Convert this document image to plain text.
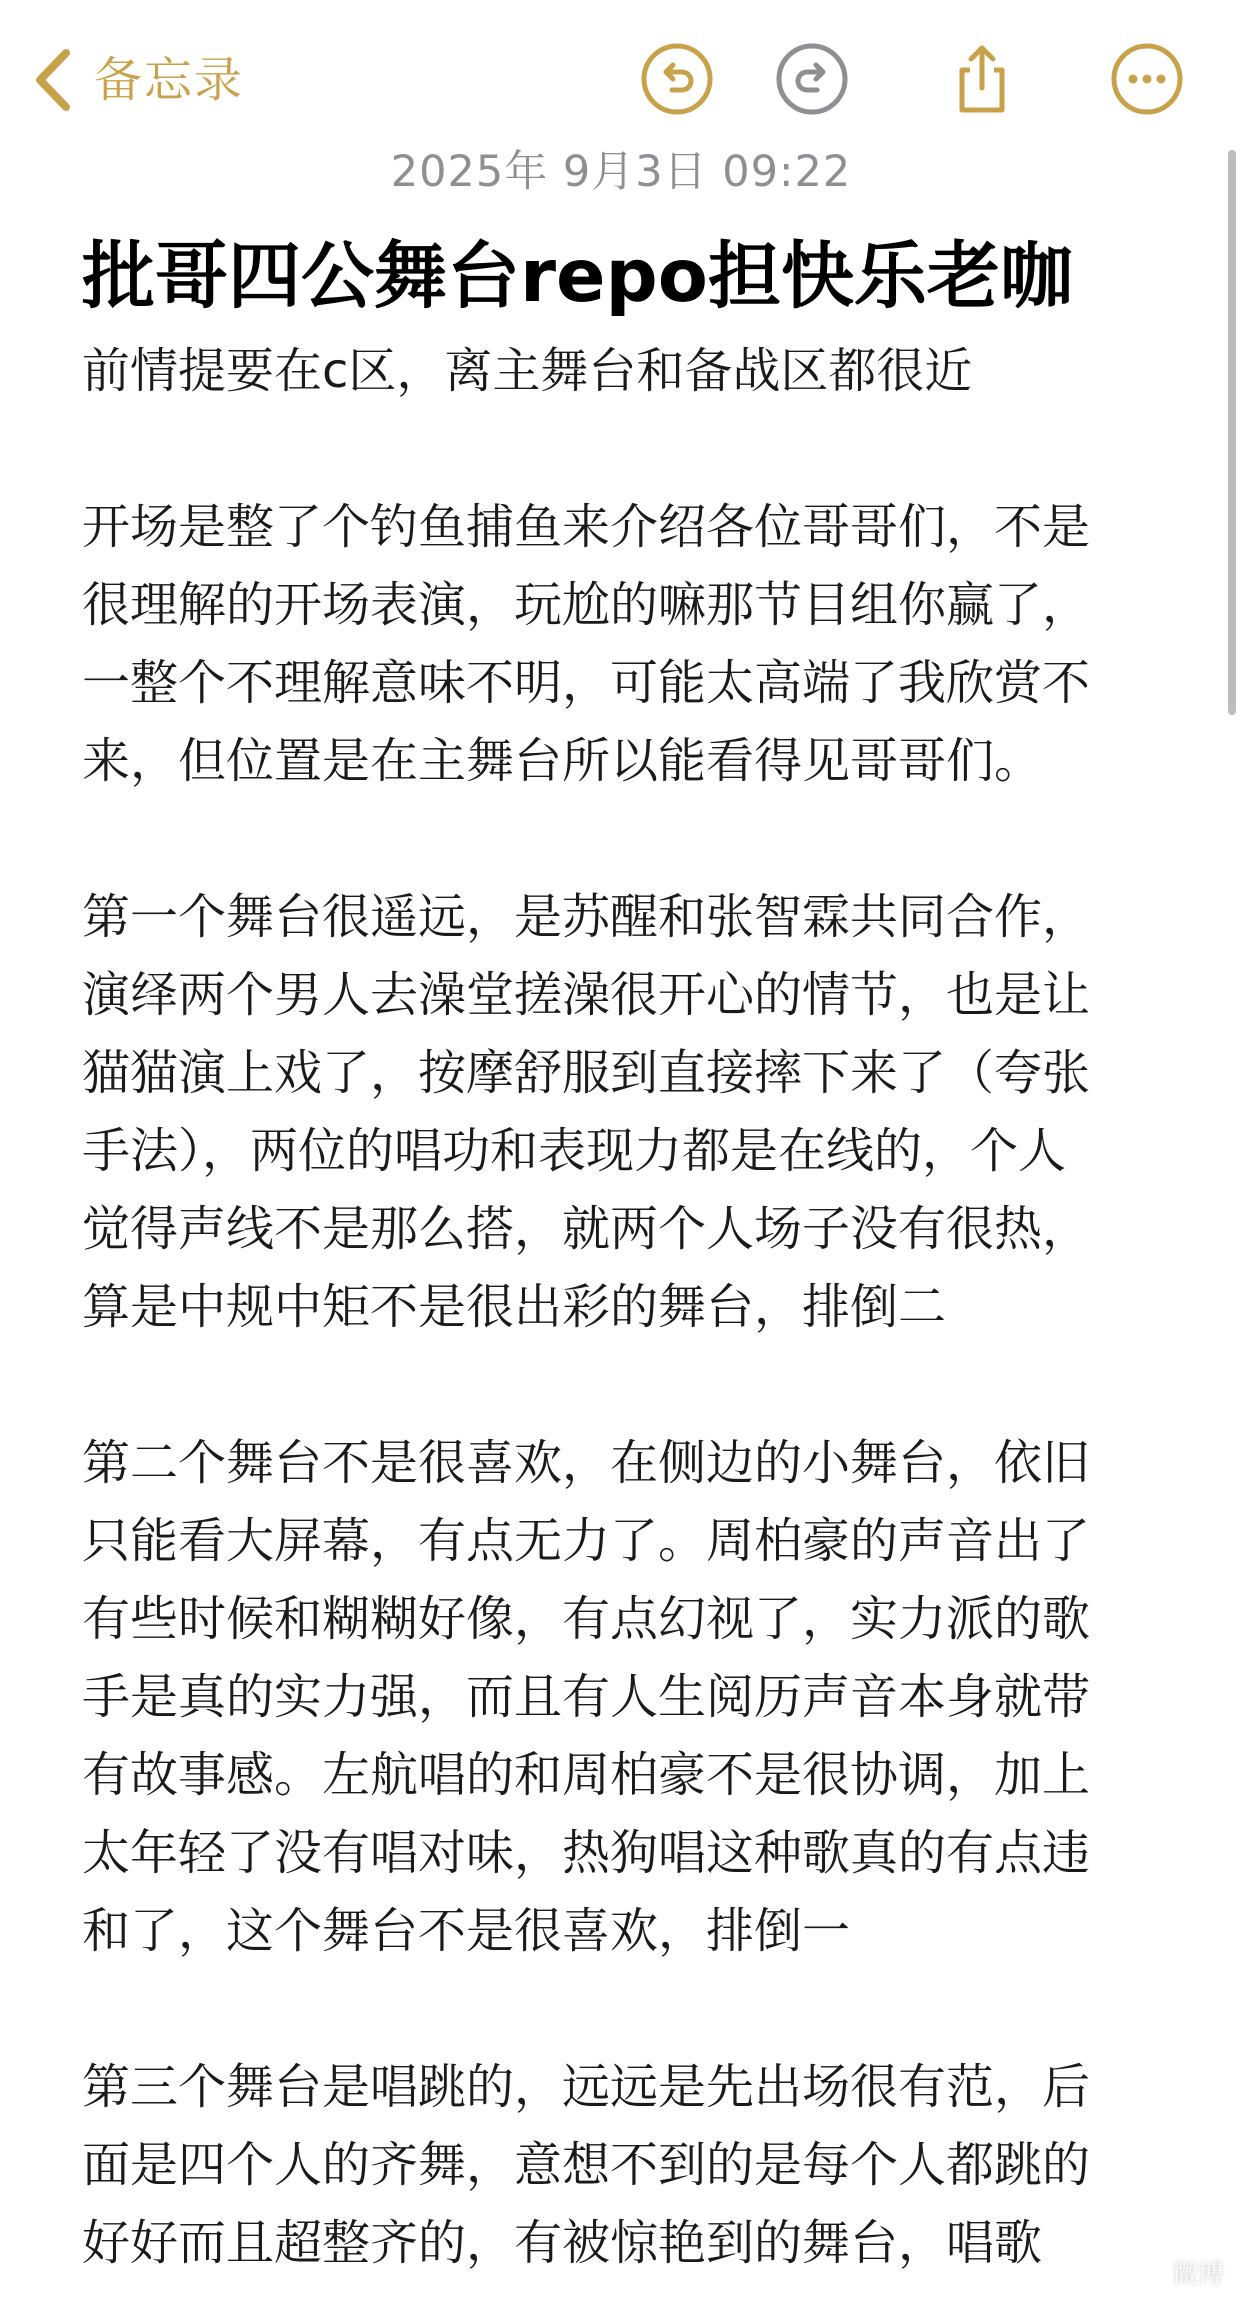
备忘录
2025年 9月3日 09:22
批哥四公舞台repo担快乐老咖

前情提要在c区，离主舞台和备战区都很近

开场是整了个钓鱼捕鱼来介绍各位哥哥们，不是

很理解的开场表演，玩尬的嘛那节目组你赢了，

一整个不理解意味不明，可能太高端了我欣赏不

来，但位置是在主舞台所以能看得见哥哥们。

第一个舞台很遥远，是苏醒和张智霖共同合作，

演绎两个男人去澡堂搓澡很开心的情节，也是让

猫猫演上戏了，按摩舒服到直接摔下来了（夸张

手法），两位的唱功和表现力都是在线的，个人

觉得声线不是那么搭，就两个人场子没有很热，

算是中规中矩不是很出彩的舞台，排倒二

第二个舞台不是很喜欢，在侧边的小舞台，依旧

只能看大屏幕，有点无力了。周柏豪的声音出了

有些时候和糊糊好像，有点幻视了，实力派的歌

手是真的实力强，而且有人生阅历声音本身就带

有故事感。左航唱的和周柏豪不是很协调，加上

太年轻了没有唱对味，热狗唱这种歌真的有点违

和了，这个舞台不是很喜欢，排倒一

第三个舞台是唱跳的，远远是先出场很有范，后

面是四个人的齐舞，意想不到的是每个人都跳的

好好而且超整齐的，有被惊艳到的舞台，唱歌

微博
